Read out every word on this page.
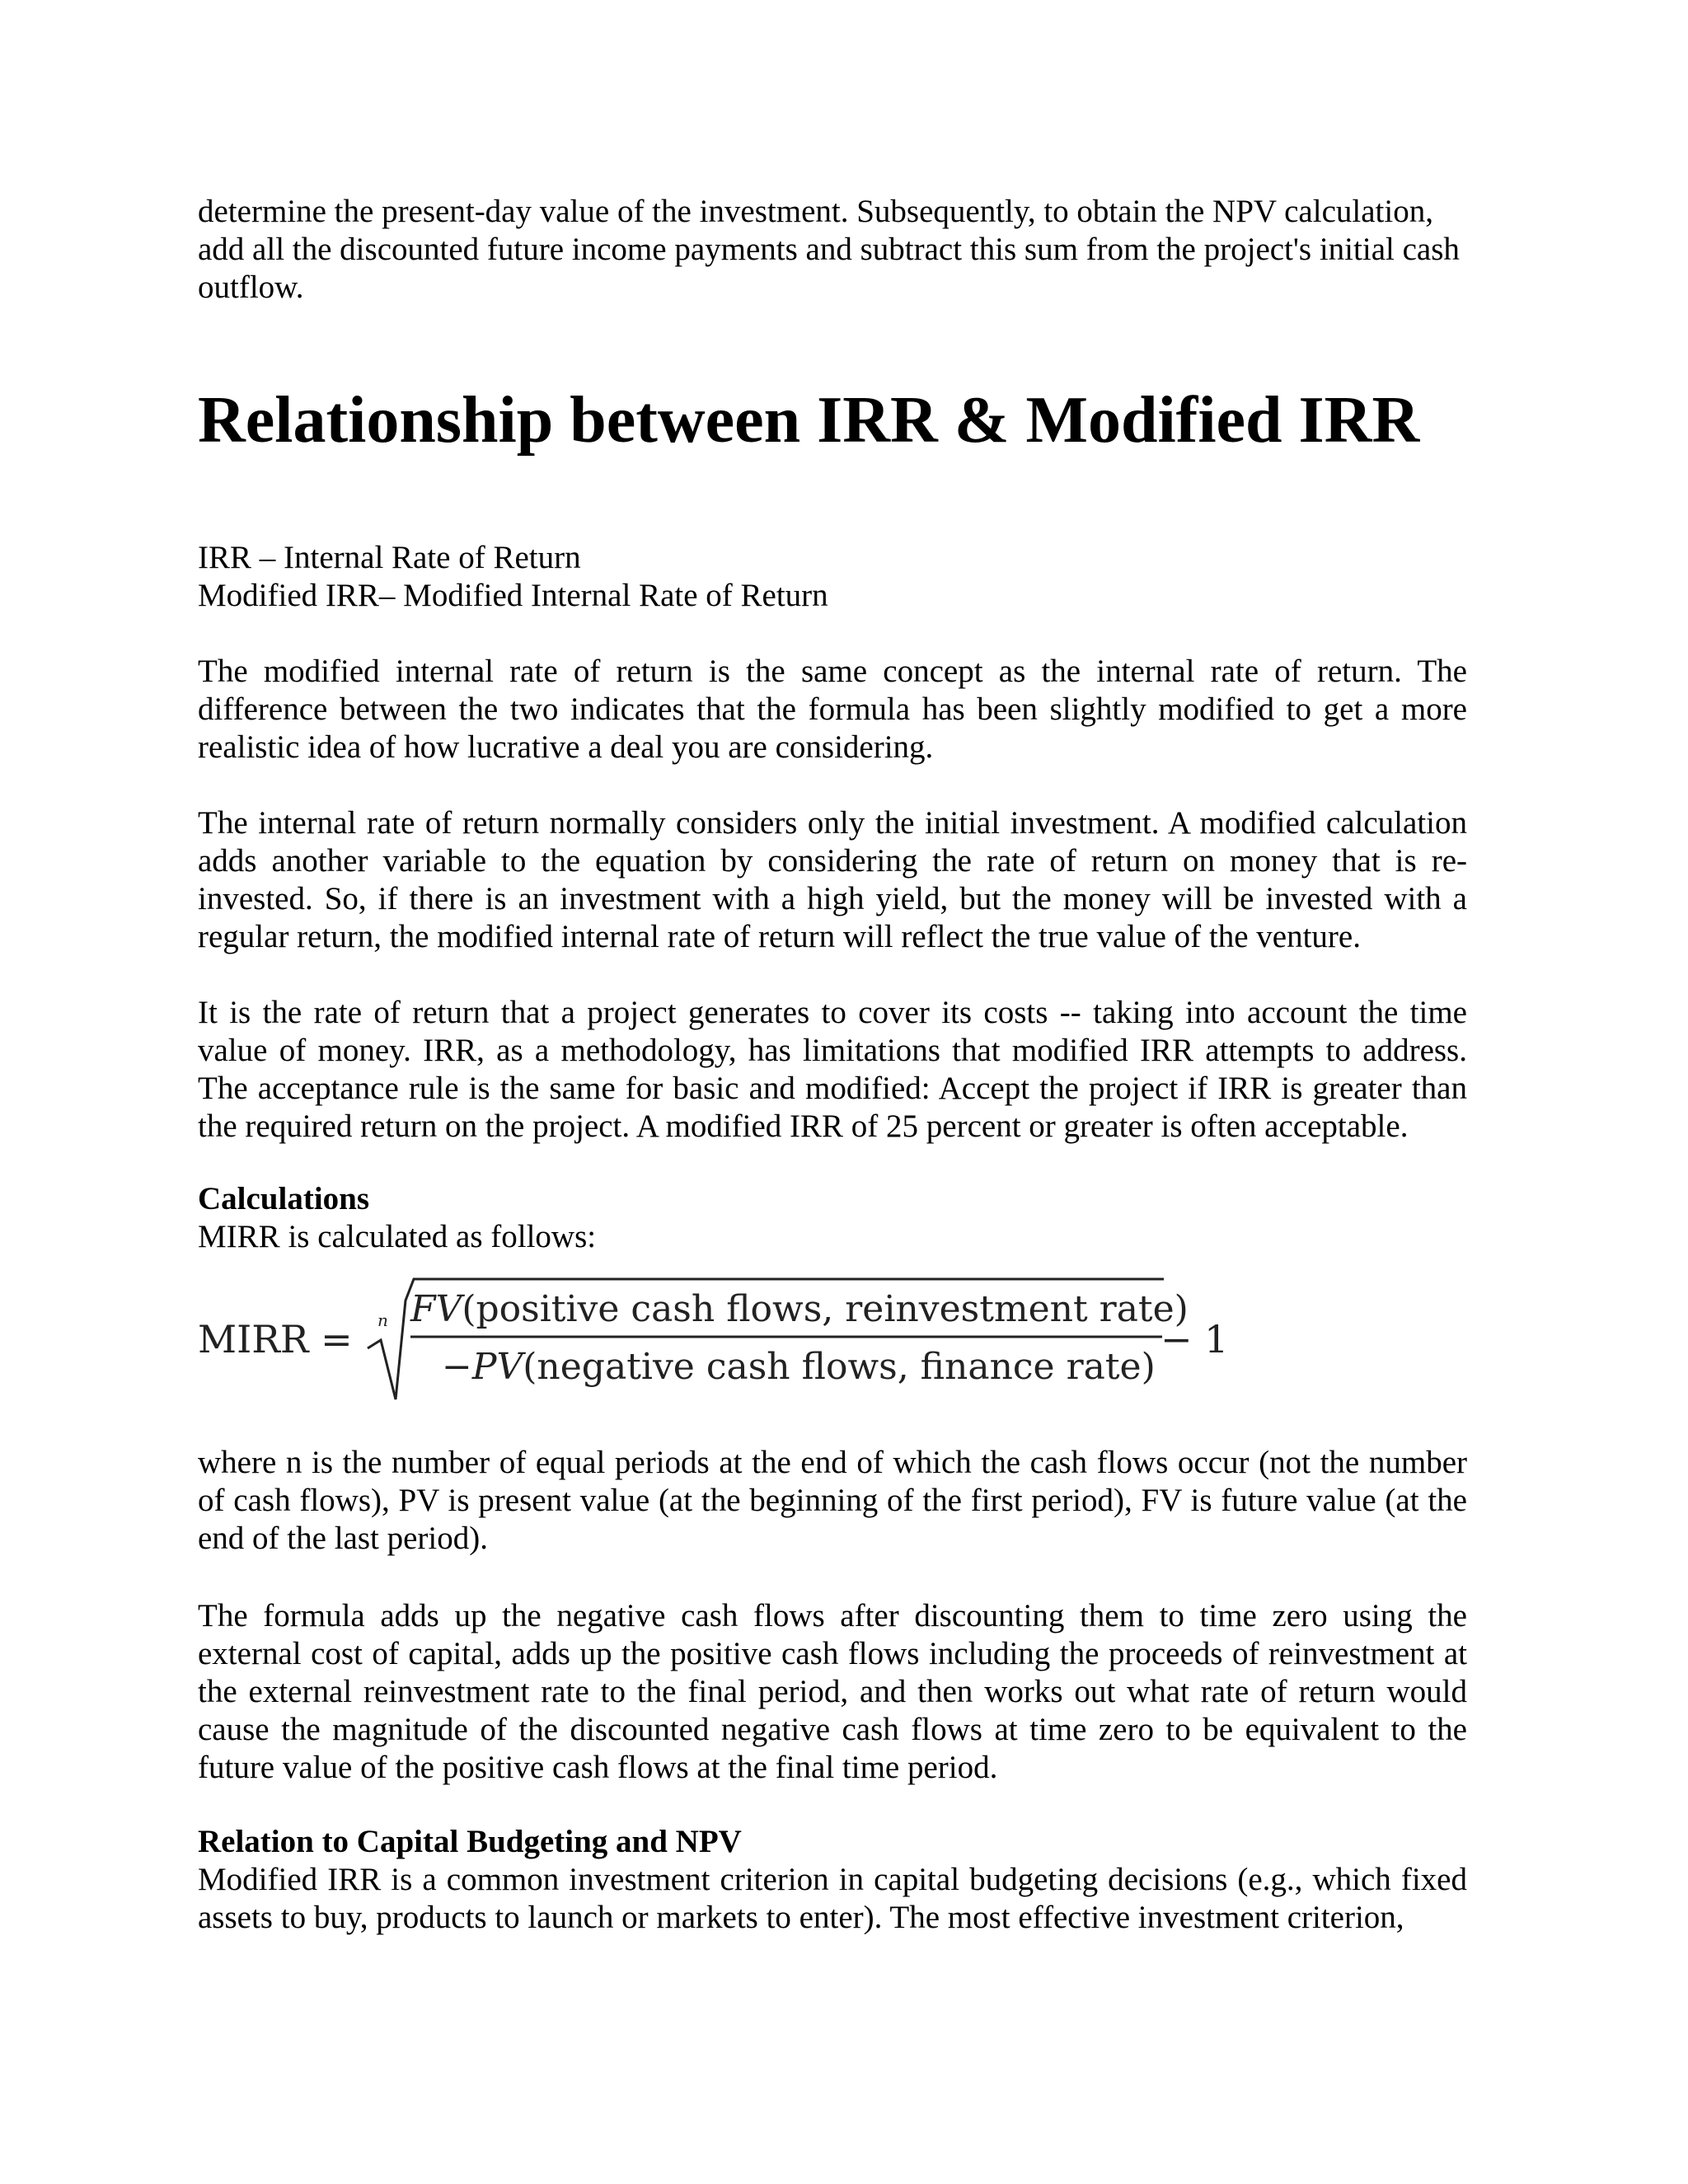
determine the present-day value of the investment. Subsequently, to obtain the NPV calculation, add all the discounted future income payments and subtract this sum from the project's initial cash outflow.

Relationship between IRR & Modified IRR
IRR – Internal Rate of Return
Modified IRR– Modified Internal Rate of Return

The modified internal rate of return is the same concept as the internal rate of return. The difference between the two indicates that the formula has been slightly modified to get a more realistic idea of how lucrative a deal you are considering.

The internal rate of return normally considers only the initial investment. A modified calculation adds another variable to the equation by considering the rate of return on money that is re-invested. So, if there is an investment with a high yield, but the money will be invested with a regular return, the modified internal rate of return will reflect the true value of the venture.

It is the rate of return that a project generates to cover its costs -- taking into account the time value of money. IRR, as a methodology, has limitations that modified IRR attempts to address. The acceptance rule is the same for basic and modified: Accept the project if IRR is greater than the required return on the project. A modified IRR of 25 percent or greater is often acceptable.

Calculations
MIRR is calculated as follows:
MIRR = n FV(positive cash flows, reinvestment rate)
−PV(negative cash flows, finance rate)
− 1

where n is the number of equal periods at the end of which the cash flows occur (not the number of cash flows), PV is present value (at the beginning of the first period), FV is future value (at the end of the last period).

The formula adds up the negative cash flows after discounting them to time zero using the external cost of capital, adds up the positive cash flows including the proceeds of reinvestment at the external reinvestment rate to the final period, and then works out what rate of return would cause the magnitude of the discounted negative cash flows at time zero to be equivalent to the future value of the positive cash flows at the final time period.

Relation to Capital Budgeting and NPV

Modified IRR is a common investment criterion in capital budgeting decisions (e.g., which fixed assets to buy, products to launch or markets to enter). The most effective investment criterion,
